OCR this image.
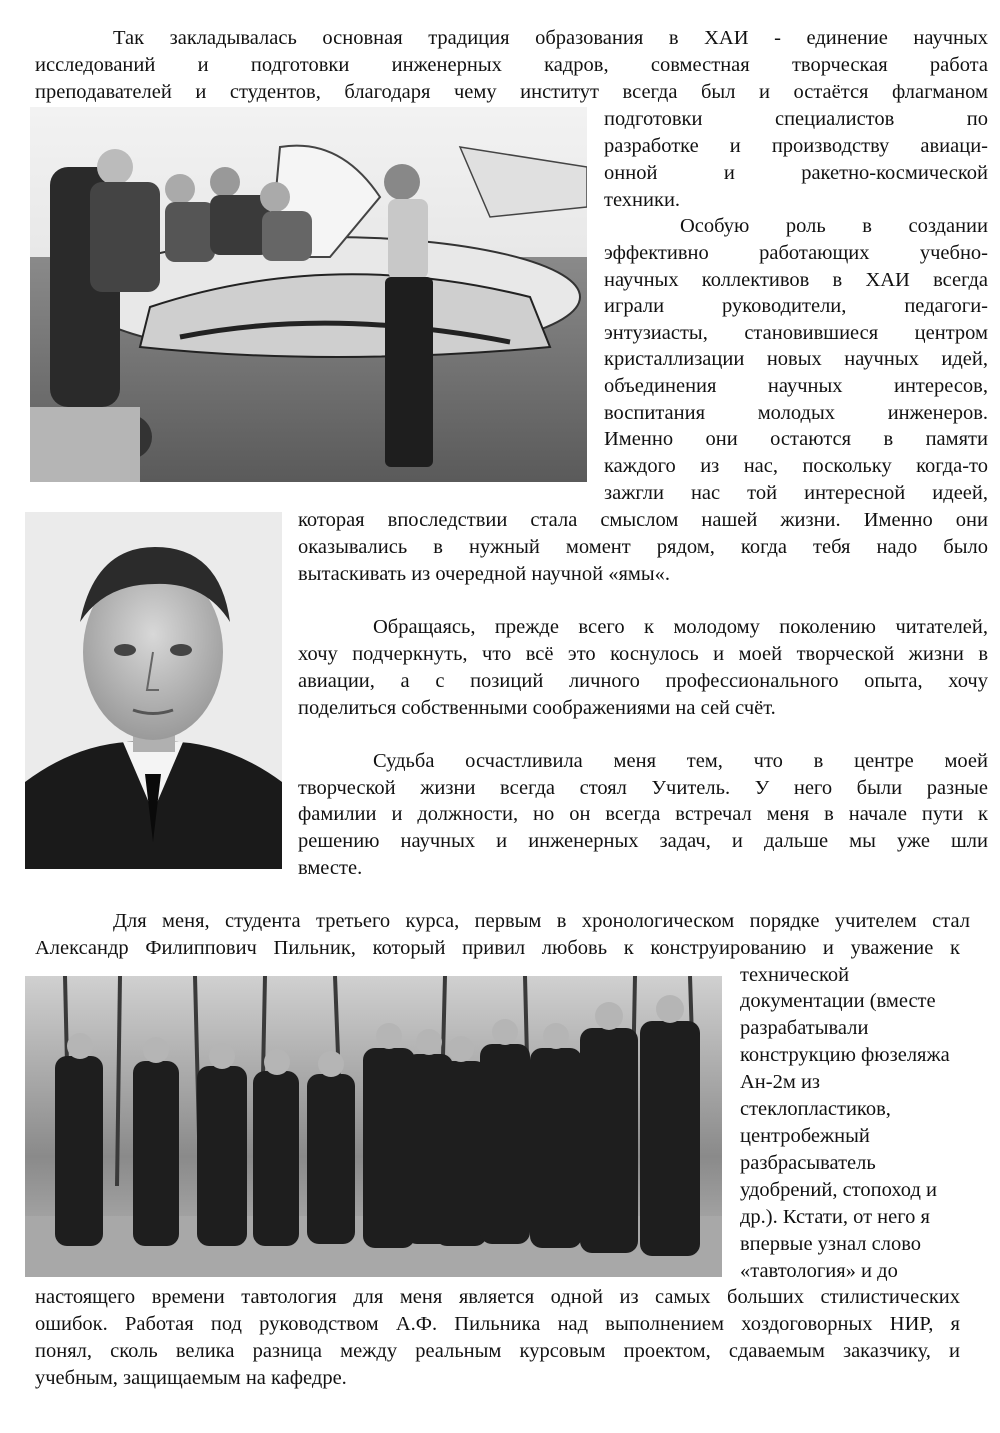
Так закладывалась основная традиция образования в ХАИ - единение научных

исследований и подготовки инженерных кадров, совместная творческая работа

преподавателей и студентов, благодаря чему институт всегда был и остаётся флагманом

подготовки специалистов по

разработке и производству авиаци-

онной и ракетно-космической

техники.

Особую роль в создании

эффективно работающих учебно-

научных коллективов в ХАИ всегда

играли руководители, педагоги-

энтузиасты, становившиеся центром

кристаллизации новых научных идей,

объединения научных интересов,

воспитания молодых инженеров.

Именно они остаются в памяти

каждого из нас, поскольку когда-то

зажгли нас той интересной идеей,

которая впоследствии стала смыслом нашей жизни. Именно они

оказывались в нужный момент рядом, когда тебя надо было

вытаскивать из очередной научной «ямы«.

Обращаясь, прежде всего к молодому поколению читателей,

хочу подчеркнуть, что всё это коснулось и моей творческой жизни в

авиации, а с позиций личного профессионального опыта, хочу

поделиться собственными соображениями на сей счёт.

Судьба осчастливила меня тем, что в центре моей

творческой жизни всегда стоял Учитель. У него были разные

фамилии и должности, но он всегда встречал меня в начале пути к

решению научных и инженерных задач, и дальше мы уже шли

вместе.

Для меня, студента третьего курса, первым в хронологическом порядке учителем стал

Александр Филиппович Пильник, который привил любовь к конструированию и уважение к

технической

документации (вместе

разрабатывали

конструкцию фюзеляжа

Ан-2м из

стеклопластиков,

центробежный

разбрасыватель

удобрений, стопоход и

др.). Кстати, от него я

впервые узнал слово

«тавтология» и до

настоящего времени тавтология для меня является одной из самых больших стилистических

ошибок. Работая под руководством А.Ф. Пильника над выполнением хоздоговорных НИР, я

понял, сколь велика разница между реальным курсовым проектом, сдаваемым заказчику, и

учебным, защищаемым на кафедре.
